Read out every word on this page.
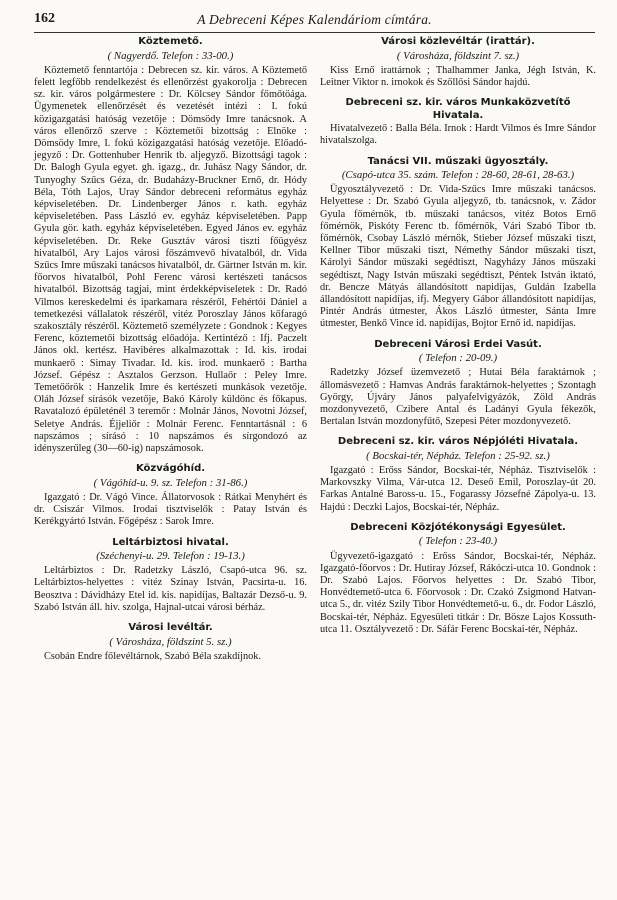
162	A Debreceni Képes Kalendáriom címtára.
Köztemető.
( Nagyerdő. Telefon : 33-00.)

Köztemető fenntartója : Debrecen sz. kir. város. A Köztemető felett legfőbb rendelkezést és ellenőrzést gyakorolja : Debrecen sz. kir. város polgármestere : Dr. Kölcsey Sándor főmőtöága. Ügymenetek ellenőrzését és vezetését intézi : I. fokú közigazgatási hatóság vezetője : Dömsödy Imre tanácsnok. A város ellenőrző szerve : Köztemetői bizottság : Elnöke : Dömsödy Imre, I. fokú közigazgatási hatóság vezetője. Előadó-jegyző : Dr. Gottenhuber Henrik tb. aljegyző. Bizottsági tagok : Dr. Balogh Gyula egyet. gh. igazg., dr. Juhász Nagy Sándor, dr. Tunyoghy Szűcs Géza, dr. Budaházy-Bruckner Ernő, dr. Hódy Béla, Tóth Lajos, Uray Sándor debreceni református egyház képviseletében. Dr. Lindenberger János r. kath. egyház képviseletében. Pass László ev. egyház képviseletében. Papp Gyula gör. kath. egyház képviseletében. Egyed János ev. egyház képviseletében. Dr. Reke Gusztáv városi tiszti főügyész hivatalból, Ary Lajos városi főszámvevő hivatalból, dr. Vida Szűcs Imre műszaki tanácsos hivatalból, dr. Gärtner István m. kir. főorvos hivatalból, Pohl Ferenc városi kertészeti tanácsos hivatalból. Bizottság tagjai, mint érdekképviseletek : Dr. Radó Vilmos kereskedelmi és iparkamara részéről, Fehértói Dániel a temetkezési vállalatok részéről, vitéz Poroszlay János kőfaragó szakosztály részéről. Köztemető személyzete : Gondnok : Kegyes Ferenc, köztemetői bizottság előadója. Kertintéző : Ifj. Paczelt János okl. kertész. Havibéres alkalmazottak : Id. kis. irodai munkaerő : Simay Tivadar. Id. kis. irod. munkaerő : Bartha József. Gépész : Asztalos Gerzson. Hullaőr : Peley Imre. Temetőőrök : Hanzelik Imre és kertészeti munkások vezetője. Oláh József sírásók vezetője, Bakó Károly küldönc és főkapus. Ravatalozó épületénél 3 teremőr : Molnár János, Novotni József, Seletye András. Éjjeliőr : Molnár Ferenc. Fenntartásnál : 6 napszámos ; sírásó : 10 napszámos és sírgondozó az idényszerűleg (30—60-ig) napszámosok.

Közvágóhíd.
( Vágóhíd-u. 9. sz. Telefon : 31-86.)

Igazgató : Dr. Vágó Vince. Állatorvosok : Rátkai Menyhért és dr. Csiszár Vilmos. Irodai tisztviselők : Patay István és Kerékgyártó István. Főgépész : Sarok Imre.

Leltárbiztosi hivatal.
(Széchenyi-u. 29. Telefon : 19-13.)

Leltárbiztos : Dr. Radetzky László, Csapó-utca 96. sz. Leltárbiztos-helyettes : vitéz Szinay István, Pacsirta-u. 16. Beosztva : Dávidházy Etel id. kis. napidíjas, Baltazár Dezső-u. 9. Szabó István áll. hiv. szolga, Hajnal-utcai városi bérház.

Városi levéltár.
( Városháza, földszint 5. sz.)

Csobán Endre főlevéltárnok, Szabó Béla szakdíjnok.

Városi közlevéltár (irattár).
( Városháza, földszint 7. sz.)

Kiss Ernő irattárnok ; Thalhammer Janka, Jégh István, K. Leitner Viktor n. irnokok és Szőllősi Sándor hajdú.

Debreceni sz. kir. város Munkaközvetítő Hivatala.

Hivatalvezető : Balla Béla. Irnok : Hardt Vilmos és Imre Sándor hivatalszolga.

Tanácsi VII. műszaki ügyosztály.
(Csapó-utca 35. szám. Telefon : 28-60, 28-61, 28-63.)

Ügyosztályvezető : Dr. Vida-Szűcs Imre műszaki tanácsos. Helyettese : Dr. Szabó Gyula aljegyző, tb. tanácsnok, v. Zádor Gyula főmérnök, tb. műszaki tanácsos, vitéz Botos Ernő főmérnök, Piskóty Ferenc tb. főmérnök, Vári Szabó Tibor tb. főmérnök, Csobay László mérnök, Stieber József műszaki tiszt, Kellner Tibor műszaki tiszt, Némethy Sándor műszaki tiszt, Károlyi Sándor műszaki segédtiszt, Nagyházy János műszaki segédtiszt, Nagy István műszaki segédtiszt, Péntek István iktató, dr. Bencze Mátyás állandósított napidíjas, Guldán Izabella állandósított napidíjas, ifj. Megyery Gábor állandósított napidíjas, Pintér András útmester, Ákos László útmester, Sánta Imre útmester, Benkő Vince id. napidíjas, Bojtor Ernő id. napidíjas.

Debreceni Városi Erdei Vasút.
( Telefon : 20-09.)

Radetzky József üzemvezető ; Hutai Béla faraktárnok ; állomásvezető : Hamvas András faraktárnok-helyettes ; Szontagh György, Újváry János palyafelvigyázók, Zöld András mozdonyvezető, Czibere Antal és Ladányi Gyula fékezők, Bertalan István mozdonyfűtő, Szepesi Péter mozdonyvezető.

Debreceni sz. kir. város Népjóléti Hivatala.
( Bocskai-tér, Népház. Telefon : 25-92. sz.)

Igazgató : Erőss Sándor, Bocskai-tér, Népház. Tisztviselők : Markovszky Vilma, Vár-utca 12. Deseő Emil, Poroszlay-út 20. Farkas Antalné Baross-u. 15., Fogarassy Józsefné Zápolya-u. 13. Hajdú : Deczki Lajos, Bocskai-tér, Népház.

Debreceni Közjótékonysági Egyesület.
( Telefon : 23-40.)

Ügyvezető-igazgató : Erőss Sándor, Bocskai-tér, Népház. Igazgató-főorvos : Dr. Hutiray József, Rákóczi-utca 10. Gondnok : Dr. Szabó Lajos. Főorvos helyettes : Dr. Szabó Tibor, Honvédtemető-utca 6. Főorvosok : Dr. Czakó Zsigmond Hatvan-utca 5., dr. vitéz Szily Tibor Honvédtemető-u. 6., dr. Fodor László, Bocskai-tér, Népház. Egyesületi titkár : Dr. Bösze Lajos Kossuth-utca 11. Osztályvezető : Dr. Sáfár Ferenc Bocskai-tér, Népház.
